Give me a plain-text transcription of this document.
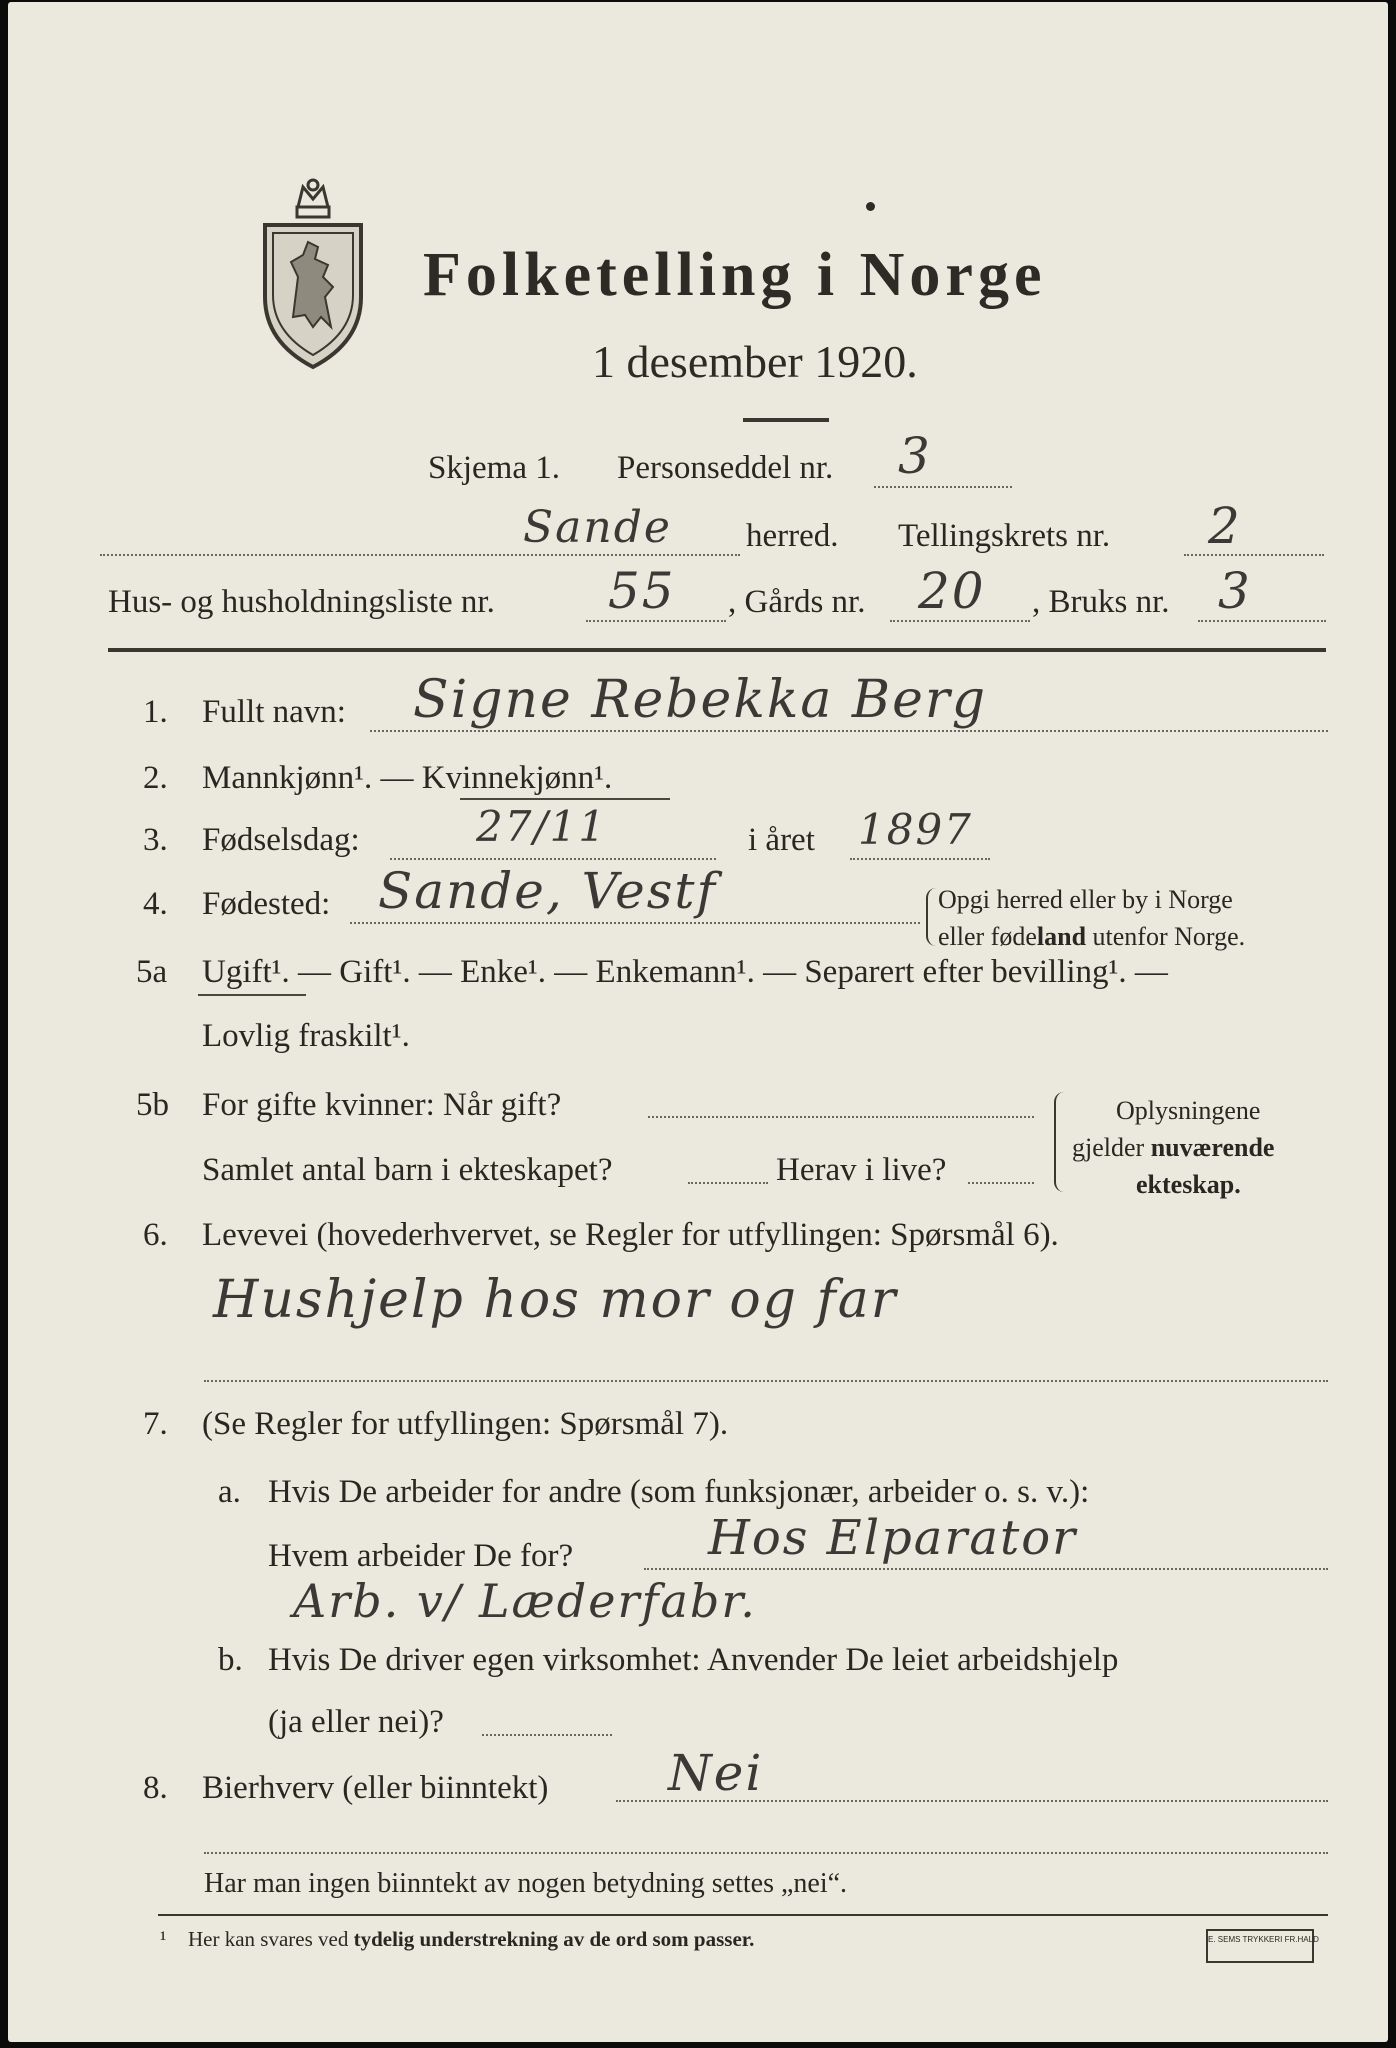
Folketelling i Norge
1 desember 1920.
Skjema 1. Personseddel nr. 3
Sande herred. Tellingskrets nr. 2
Hus- og husholdningsliste nr. 55 , Gårds nr. 20 , Bruks nr. 3
1. Fullt navn: Signe Rebekka Berg
2. Mannkjønn¹. — Kvinnekjønn¹.
3. Fødselsdag:	27/11	i året 1897
4. Fødested: Sande, Vestf	Opgi herred eller by i Norge
eller fødeland utenfor Norge.
5a Ugift¹. — Gift¹. — Enke¹. — Enkemann¹. — Separert efter bevilling¹. —
Lovlig fraskilt¹.
5b For gifte kvinner: Når gift?
Samlet antal barn i ekteskapet?	Herav i live?
Oplysningene
gjelder nuværende
ekteskap.
6. Levevei (hovederhvervet, se Regler for utfyllingen: Spørsmål 6).
Hushjelp hos mor og far
7. (Se Regler for utfyllingen: Spørsmål 7).
a. Hvis De arbeider for andre (som funksjonær, arbeider o. s. v.):
Hvem arbeider De for?	Hos Elparator
Arb. v/ Læderfabr.
b. Hvis De driver egen virksomhet: Anvender De leiet arbeidshjelp
(ja eller nei)?
8. Bierhverv (eller biinntekt) Nei
Har man ingen biinntekt av nogen betydning settes „nei“.
¹ Her kan svares ved tydelig understrekning av de ord som passer.	E. SEMS TRYKKERI FR.HALD
